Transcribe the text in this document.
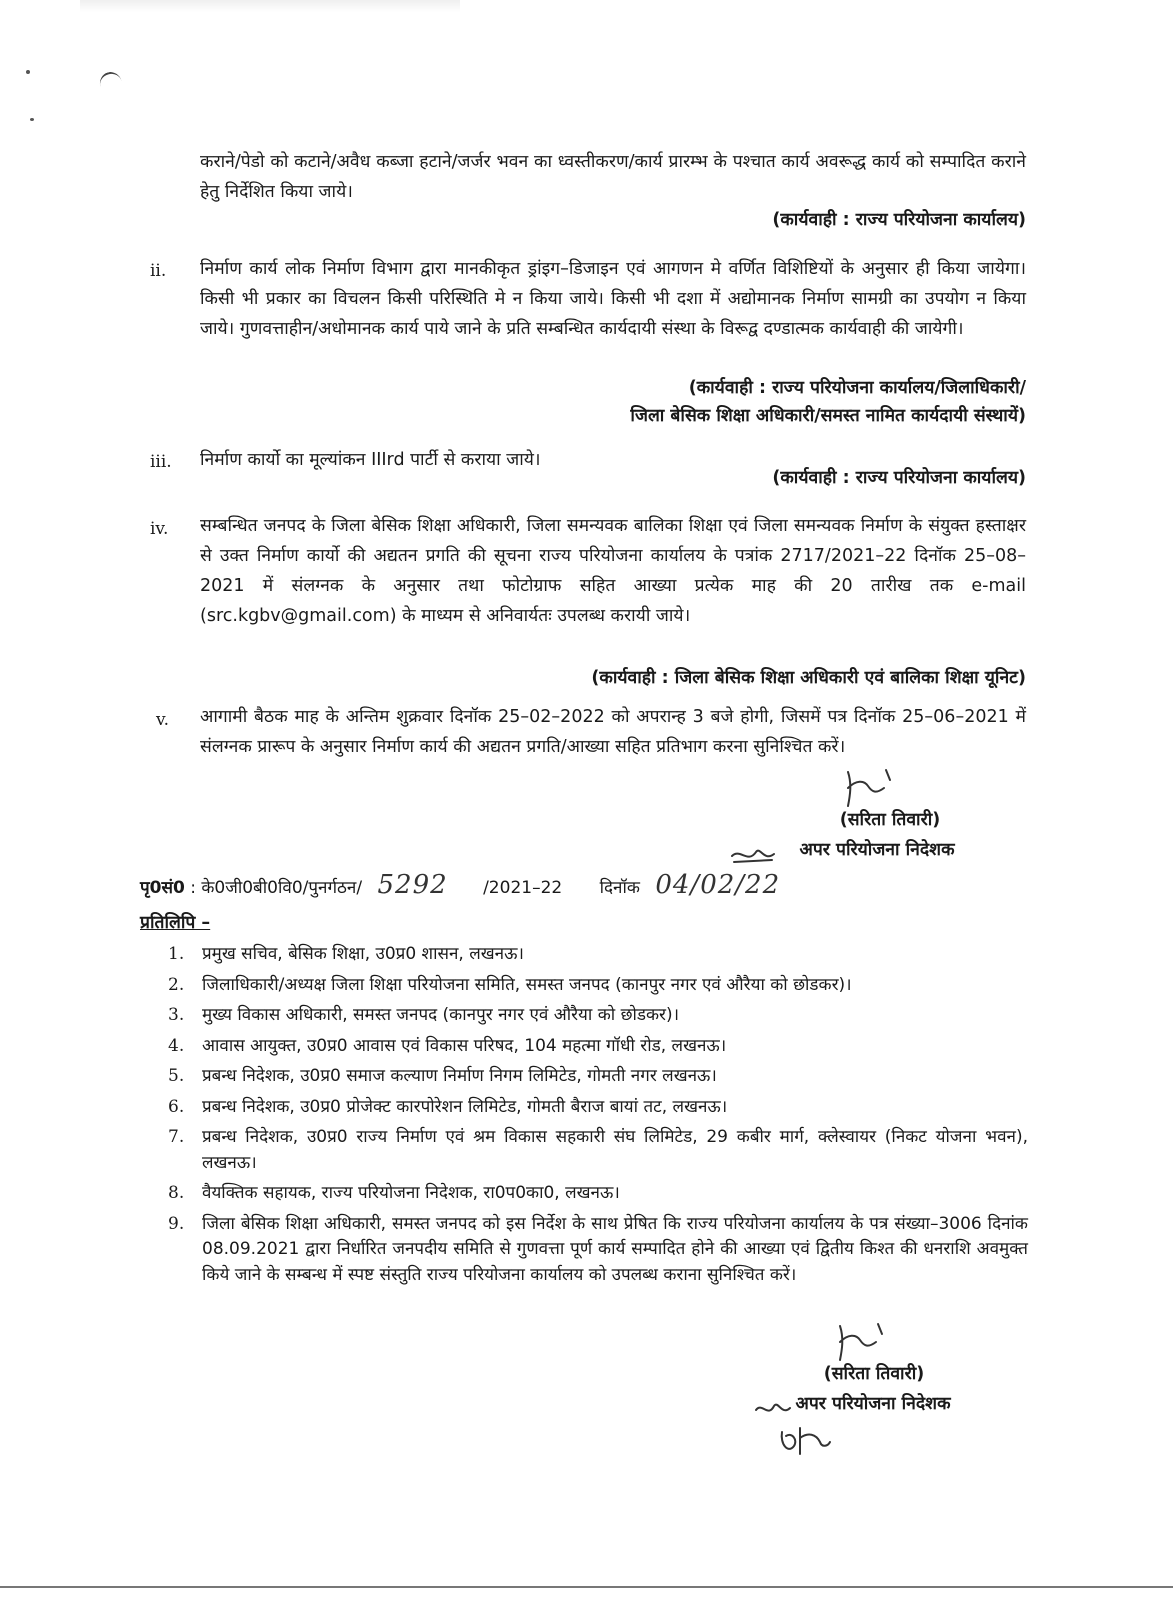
कराने/पेडो को कटाने/अवैध कब्जा हटाने/जर्जर भवन का ध्वस्तीकरण/कार्य प्रारम्भ के पश्चात कार्य अवरूद्ध कार्य को सम्पादित कराने हेतु निर्देशित किया जाये।
(कार्यवाही : राज्य परियोजना कार्यालय)
ii. निर्माण कार्य लोक निर्माण विभाग द्वारा मानकीकृत ड्रांइग–डिजाइन एवं आगणन मे वर्णित विशिष्टियों के अनुसार ही किया जायेगा। किसी भी प्रकार का विचलन किसी परिस्थिति मे न किया जाये। किसी भी दशा में अद्योमानक निर्माण सामग्री का उपयोग न किया जाये। गुणवत्ताहीन/अधोमानक कार्य पाये जाने के प्रति सम्बन्धित कार्यदायी संस्था के विरूद्व दण्डात्मक कार्यवाही की जायेगी।
(कार्यवाही : राज्य परियोजना कार्यालय/जिलाधिकारी/
जिला बेसिक शिक्षा अधिकारी/समस्त नामित कार्यदायी संस्थायें)
iii. निर्माण कार्यो का मूल्यांकन IIIrd पार्टी से कराया जाये।
(कार्यवाही : राज्य परियोजना कार्यालय)
iv. सम्बन्धित जनपद के जिला बेसिक शिक्षा अधिकारी, जिला समन्यवक बालिका शिक्षा एवं जिला समन्यवक निर्माण के संयुक्त हस्ताक्षर से उक्त निर्माण कार्यो की अद्यतन प्रगति की सूचना राज्य परियोजना कार्यालय के पत्रांक 2717/2021–22 दिनॉक 25–08–2021 में संलग्नक के अनुसार तथा फोटोग्राफ सहित आख्या प्रत्येक माह की 20 तारीख तक e-mail (src.kgbv@gmail.com) के माध्यम से अनिवार्यतः उपलब्ध करायी जाये।
(कार्यवाही : जिला बेसिक शिक्षा अधिकारी एवं बालिका शिक्षा यूनिट)
v. आगामी बैठक माह के अन्तिम शुक्रवार दिनॉक 25–02–2022 को अपरान्ह 3 बजे होगी, जिसमें पत्र दिनॉक 25–06–2021 में संलग्नक प्रारूप के अनुसार निर्माण कार्य की अद्यतन प्रगति/आख्या सहित प्रतिभाग करना सुनिश्चित करें।
(सरिता तिवारी)
अपर परियोजना निदेशक
पृ0सं0 : के0जी0बी0वि0/पुनर्गठन/ 5292 /2021–22 दिनॉक 04/02/22
प्रतिलिपि –
1. प्रमुख सचिव, बेसिक शिक्षा, उ0प्र0 शासन, लखनऊ।
2. जिलाधिकारी/अध्यक्ष जिला शिक्षा परियोजना समिति, समस्त जनपद (कानपुर नगर एवं औरैया को छोडकर)।
3. मुख्य विकास अधिकारी, समस्त जनपद (कानपुर नगर एवं औरैया को छोडकर)।
4. आवास आयुक्त, उ0प्र0 आवास एवं विकास परिषद, 104 महत्मा गॉधी रोड, लखनऊ।
5. प्रबन्ध निदेशक, उ0प्र0 समाज कल्याण निर्माण निगम लिमिटेड, गोमती नगर लखनऊ।
6. प्रबन्ध निदेशक, उ0प्र0 प्रोजेक्ट कारपोरेशन लिमिटेड, गोमती बैराज बायां तट, लखनऊ।
7. प्रबन्ध निदेशक, उ0प्र0 राज्य निर्माण एवं श्रम विकास सहकारी संघ लिमिटेड, 29 कबीर मार्ग, क्लेस्वायर (निकट योजना भवन), लखनऊ।
8. वैयक्तिक सहायक, राज्य परियोजना निदेशक, रा0प0का0, लखनऊ।
9. जिला बेसिक शिक्षा अधिकारी, समस्त जनपद को इस निर्देश के साथ प्रेषित कि राज्य परियोजना कार्यालय के पत्र संख्या–3006 दिनांक 08.09.2021 द्वारा निर्धारित जनपदीय समिति से गुणवत्ता पूर्ण कार्य सम्पादित होने की आख्या एवं द्वितीय किश्त की धनराशि अवमुक्त किये जाने के सम्बन्ध में स्पष्ट संस्तुति राज्य परियोजना कार्यालय को उपलब्ध कराना सुनिश्चित करें।
(सरिता तिवारी)
अपर परियोजना निदेशक
